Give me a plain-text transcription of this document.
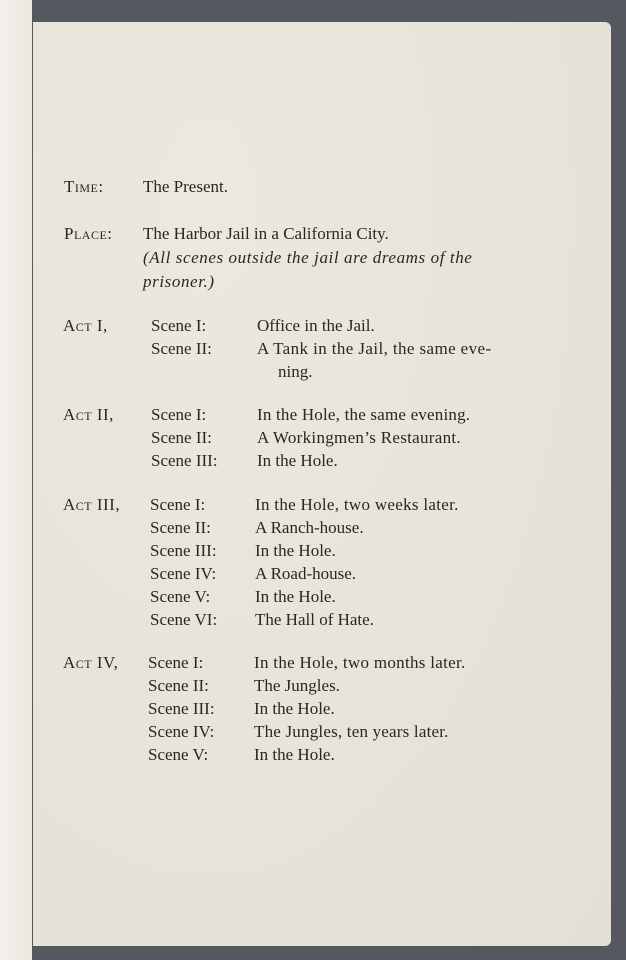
Time: The Present.
Place: The Harbor Jail in a California City.
(All scenes outside the jail are dreams of the
prisoner.)
Act I,	Scene I:	Office in the Jail.
Scene II:	A Tank in the Jail, the same eve-
ning.
Act II, Scene I:	In the Hole, the same evening.
Scene II:	A Workingmen’s Restaurant.
Scene III: In the Hole.
Act III, Scene I:	In the Hole, two weeks later.
Scene II:	A Ranch-house.
Scene III: In the Hole.
Scene IV: A Road-house.
Scene V:	In the Hole.
Scene VI: The Hall of Hate.
Act IV, Scene I:	In the Hole, two months later.
Scene II:	The Jungles.
Scene III: In the Hole.
Scene IV: The Jungles, ten years later.
Scene V:	In the Hole.
